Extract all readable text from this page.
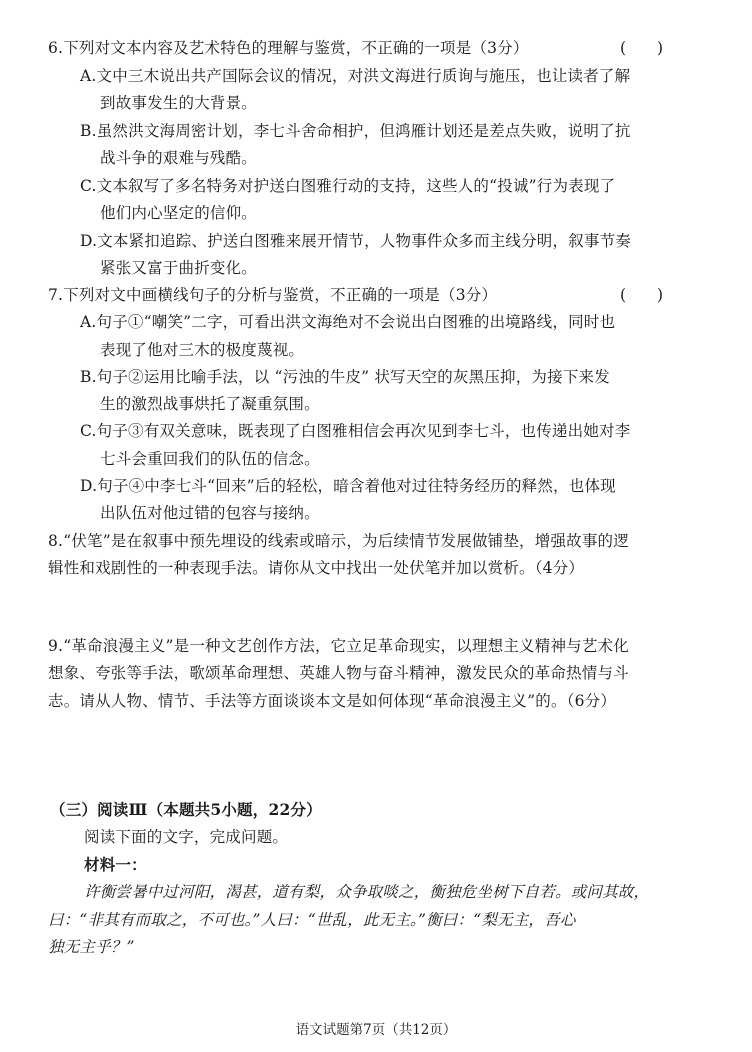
6.下列对文本内容及艺术特色的理解与鉴赏，不正确的一项是（3分）	(　　)
A.文中三木说出共产国际会议的情况，对洪文海进行质询与施压，也让读者了解
到故事发生的大背景。
B.虽然洪文海周密计划，李七斗舍命相护，但鸿雁计划还是差点失败，说明了抗
战斗争的艰难与残酷。
C.文本叙写了多名特务对护送白图雅行动的支持，这些人的“投诚”行为表现了
他们内心坚定的信仰。
D.文本紧扣追踪、护送白图雅来展开情节，人物事件众多而主线分明，叙事节奏
紧张又富于曲折变化。
7.下列对文中画横线句子的分析与鉴赏，不正确的一项是（3分）	(　　)
A.句子①“嘲笑”二字，可看出洪文海绝对不会说出白图雅的出境路线，同时也
表现了他对三木的极度蔑视。
B.句子②运用比喻手法，以 “污浊的牛皮” 状写天空的灰黑压抑，为接下来发
生的激烈战事烘托了凝重氛围。
C.句子③有双关意味，既表现了白图雅相信会再次见到李七斗，也传递出她对李
七斗会重回我们的队伍的信念。
D.句子④中李七斗“回来”后的轻松，暗含着他对过往特务经历的释然，也体现
出队伍对他过错的包容与接纳。
8.“伏笔”是在叙事中预先埋设的线索或暗示，为后续情节发展做铺垫，增强故事的逻
辑性和戏剧性的一种表现手法。请你从文中找出一处伏笔并加以赏析。（4分）
9.“革命浪漫主义”是一种文艺创作方法，它立足革命现实，以理想主义精神与艺术化
想象、夸张等手法，歌颂革命理想、英雄人物与奋斗精神，激发民众的革命热情与斗
志。请从人物、情节、手法等方面谈谈本文是如何体现“革命浪漫主义”的。（6分）
（三）阅读Ⅲ（本题共5小题，22分）
阅读下面的文字，完成问题。
材料一：
许衡尝暑中过河阳，渴甚，道有梨，众争取啖之，衡独危坐树下自若。或问其故，
曰：“非其有而取之，不可也。”人曰：“世乱，此无主。”衡曰：“梨无主，吾心
独无主乎？”
语文试题第7页（共12页）
